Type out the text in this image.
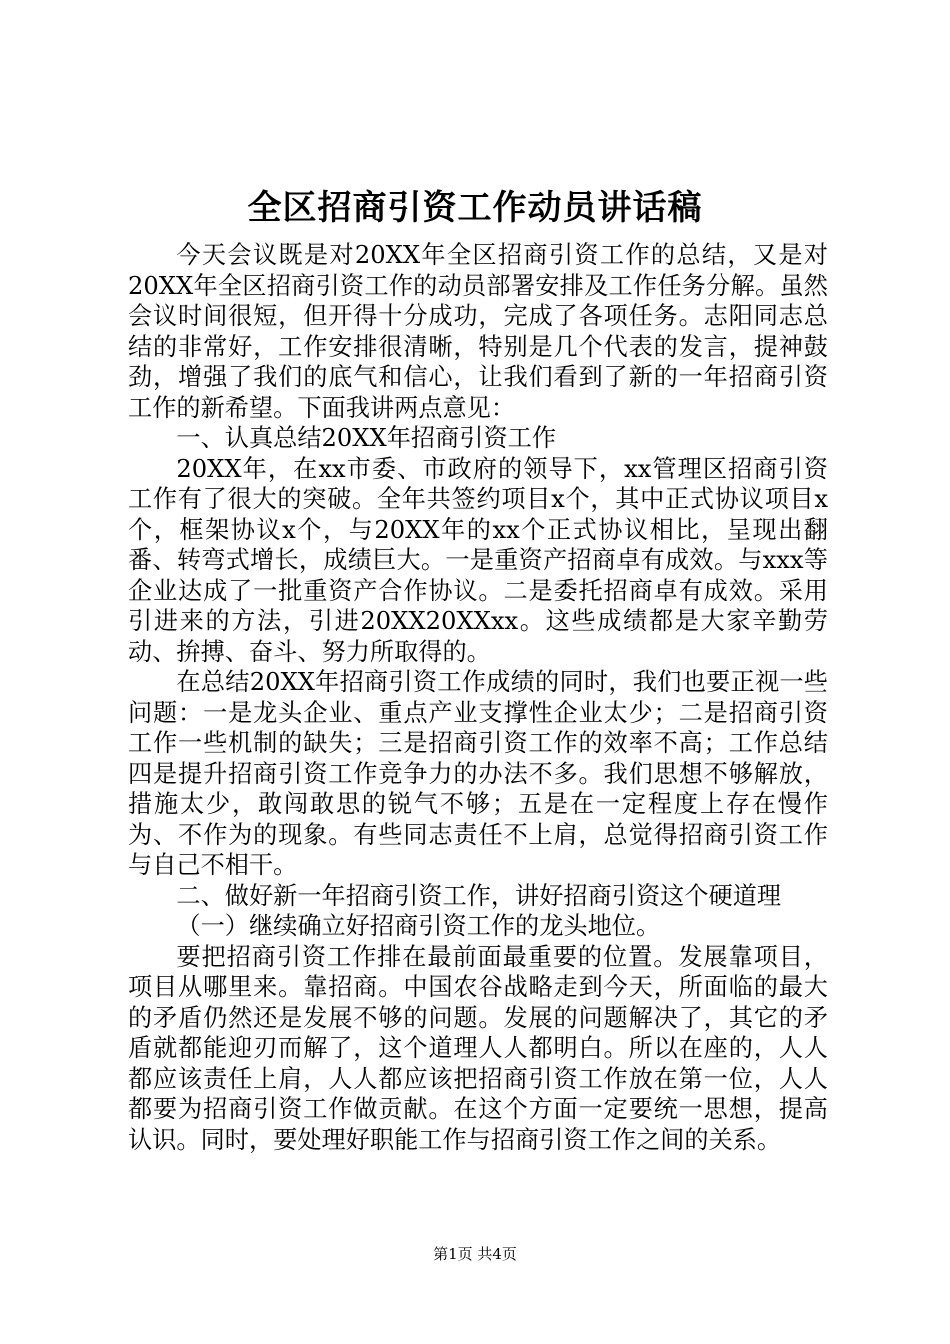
全区招商引资工作动员讲话稿

今天会议既是对20XX年全区招商引资工作的总结，又是对20XX年全区招商引资工作的动员部署安排及工作任务分解。虽然会议时间很短，但开得十分成功，完成了各项任务。志阳同志总结的非常好，工作安排很清晰，特别是几个代表的发言，提神鼓劲，增强了我们的底气和信心，让我们看到了新的一年招商引资工作的新希望。下面我讲两点意见：

一、认真总结20XX年招商引资工作

20XX年，在xx市委、市政府的领导下，xx管理区招商引资工作有了很大的突破。全年共签约项目x个，其中正式协议项目x个，框架协议x个，与20XX年的xx个正式协议相比，呈现出翻番、转弯式增长，成绩巨大。一是重资产招商卓有成效。与xxx等企业达成了一批重资产合作协议。二是委托招商卓有成效。采用引进来的方法，引进20XX20XXxx。这些成绩都是大家辛勤劳动、拚搏、奋斗、努力所取得的。

在总结20XX年招商引资工作成绩的同时，我们也要正视一些问题：一是龙头企业、重点产业支撑性企业太少；二是招商引资工作一些机制的缺失；三是招商引资工作的效率不高；工作总结四是提升招商引资工作竞争力的办法不多。我们思想不够解放，措施太少，敢闯敢思的锐气不够；五是在一定程度上存在慢作为、不作为的现象。有些同志责任不上肩，总觉得招商引资工作与自己不相干。

二、做好新一年招商引资工作，讲好招商引资这个硬道理

（一）继续确立好招商引资工作的龙头地位。

要把招商引资工作排在最前面最重要的位置。发展靠项目，项目从哪里来。靠招商。中国农谷战略走到今天，所面临的最大的矛盾仍然还是发展不够的问题。发展的问题解决了，其它的矛盾就都能迎刃而解了，这个道理人人都明白。所以在座的，人人都应该责任上肩，人人都应该把招商引资工作放在第一位，人人都要为招商引资工作做贡献。在这个方面一定要统一思想，提高认识。同时，要处理好职能工作与招商引资工作之间的关系。

第1页 共4页
